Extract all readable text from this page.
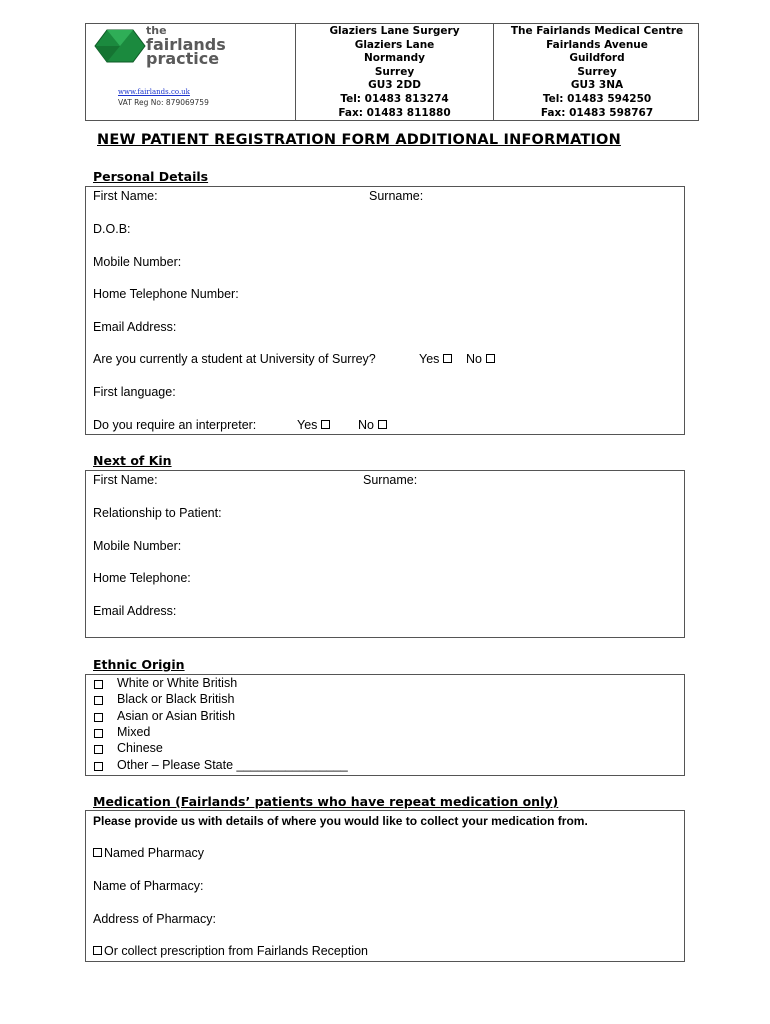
the
fairlands
practice
www.fairlands.co.uk
VAT Reg No: 879069759
Glaziers Lane Surgery
Glaziers Lane
Normandy
Surrey
GU3 2DD
Tel: 01483 813274
Fax: 01483 811880
The Fairlands Medical Centre
Fairlands Avenue
Guildford
Surrey
GU3 3NA
Tel: 01483 594250
Fax: 01483 598767
NEW PATIENT REGISTRATION FORM ADDITIONAL INFORMATION
Personal Details
First Name:	Surname:
D.O.B:
Mobile Number:
Home Telephone Number:
Email Address:
Are you currently a student at University of Surrey?	Yes	No
First language:
Do you require an interpreter:	Yes	No
Next of Kin
First Name:	Surname:
Relationship to Patient:
Mobile Number:
Home Telephone:
Email Address:
Ethnic Origin
White or White British
Black or Black British
Asian or Asian British
Mixed
Chinese
Other – Please State ________________
Medication (Fairlands’ patients who have repeat medication only)
Please provide us with details of where you would like to collect your medication from.
Named Pharmacy
Name of Pharmacy:
Address of Pharmacy:
Or collect prescription from Fairlands Reception
